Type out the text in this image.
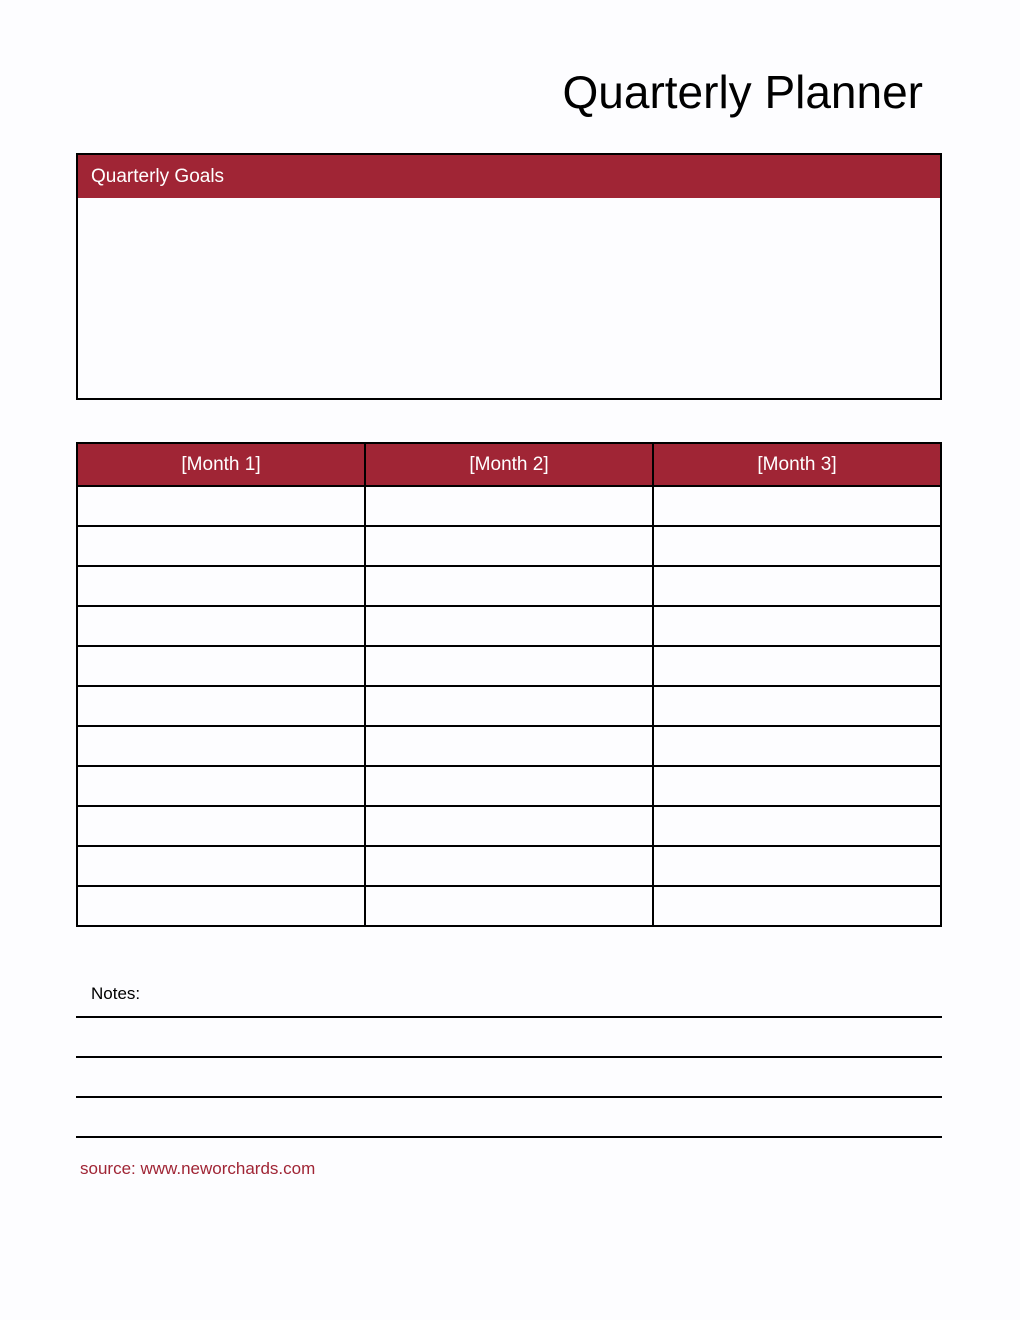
Quarterly Planner
Quarterly Goals
[Month 1]	[Month 2]	[Month 3]

Notes:
source: www.neworchards.com
